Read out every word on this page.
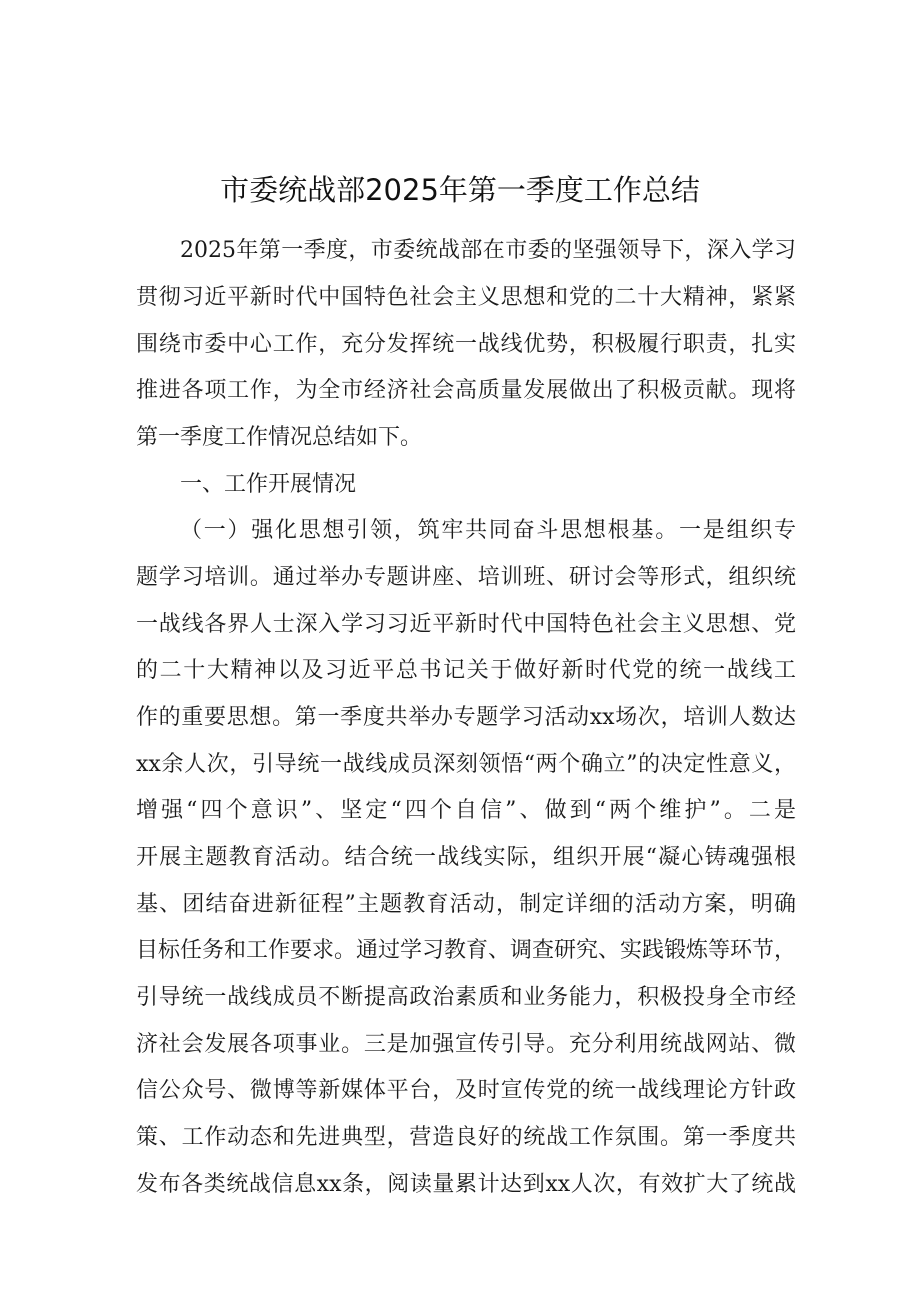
市委统战部2025年第一季度工作总结
2025年第一季度，市委统战部在市委的坚强领导下，深入学习
贯彻习近平新时代中国特色社会主义思想和党的二十大精神，紧紧
围绕市委中心工作，充分发挥统一战线优势，积极履行职责，扎实
推进各项工作，为全市经济社会高质量发展做出了积极贡献。现将
第一季度工作情况总结如下。
一、工作开展情况
（一）强化思想引领，筑牢共同奋斗思想根基。一是组织专
题学习培训。通过举办专题讲座、培训班、研讨会等形式，组织统
一战线各界人士深入学习习近平新时代中国特色社会主义思想、党
的二十大精神以及习近平总书记关于做好新时代党的统一战线工
作的重要思想。第一季度共举办专题学习活动xx场次，培训人数达
xx余人次，引导统一战线成员深刻领悟“两个确立”的决定性意义，
增强“四个意识”、坚定“四个自信”、做到“两个维护”。二是
开展主题教育活动。结合统一战线实际，组织开展“凝心铸魂强根
基、团结奋进新征程”主题教育活动，制定详细的活动方案，明确
目标任务和工作要求。通过学习教育、调查研究、实践锻炼等环节，
引导统一战线成员不断提高政治素质和业务能力，积极投身全市经
济社会发展各项事业。三是加强宣传引导。充分利用统战网站、微
信公众号、微博等新媒体平台，及时宣传党的统一战线理论方针政
策、工作动态和先进典型，营造良好的统战工作氛围。第一季度共
发布各类统战信息xx条，阅读量累计达到xx人次，有效扩大了统战
